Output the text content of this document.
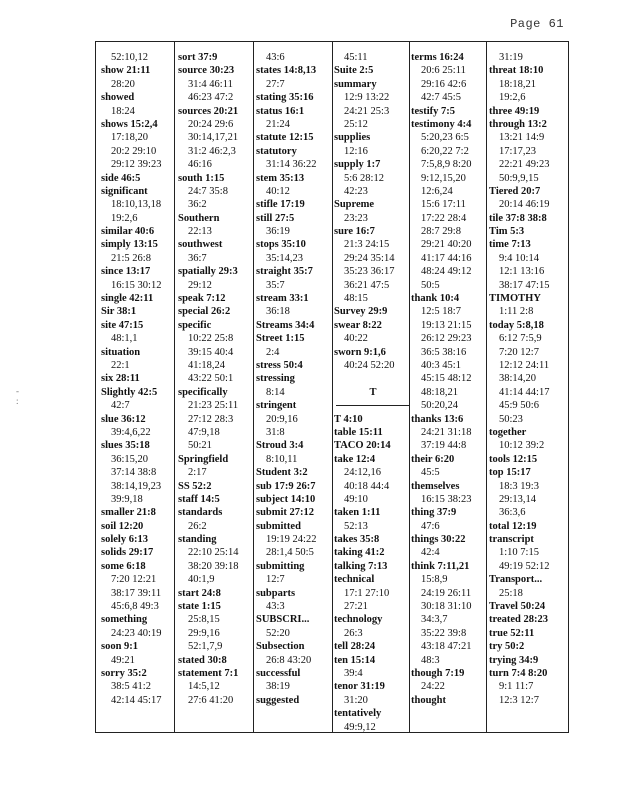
Page 61
-
:
52:10,12
show 21:11
28:20
showed
18:24
shows 15:2,4
17:18,20
20:2 29:10
29:12 39:23
side 46:5
significant
18:10,13,18
19:2,6
similar 40:6
simply 13:15
21:5 26:8
since 13:17
16:15 30:12
single 42:11
Sir 38:1
site 47:15
48:1,1
situation
22:1
six 28:11
Slightly 42:5
42:7
slue 36:12
39:4,6,22
slues 35:18
36:15,20
37:14 38:8
38:14,19,23
39:9,18
smaller 21:8
soil 12:20
solely 6:13
solids 29:17
some 6:18
7:20 12:21
38:17 39:11
45:6,8 49:3
something
24:23 40:19
soon 9:1
49:21
sorry 35:2
38:5 41:2
42:14 45:17
sort 37:9
source 30:23
31:4 46:11
46:23 47:2
sources 20:21
20:24 29:6
30:14,17,21
31:2 46:2,3
46:16
south 1:15
24:7 35:8
36:2
Southern
22:13
southwest
36:7
spatially 29:3
29:12
speak 7:12
special 26:2
specific
10:22 25:8
39:15 40:4
41:18,24
43:22 50:1
specifically
21:23 25:11
27:12 28:3
47:9,18
50:21
Springfield
2:17
SS 52:2
staff 14:5
standards
26:2
standing
22:10 25:14
38:20 39:18
40:1,9
start 24:8
state 1:15
25:8,15
29:9,16
52:1,7,9
stated 30:8
statement 7:1
14:5,12
27:6 41:20
43:6
states 14:8,13
27:7
stating 35:16
status 16:1
21:24
statute 12:15
statutory
31:14 36:22
stem 35:13
40:12
stifle 17:19
still 27:5
36:19
stops 35:10
35:14,23
straight 35:7
35:7
stream 33:1
36:18
Streams 34:4
Street 1:15
2:4
stress 50:4
stressing
8:14
stringent
20:9,16
31:8
Stroud 3:4
8:10,11
Student 3:2
sub 17:9 26:7
subject 14:10
submit 27:12
submitted
19:19 24:22
28:1,4 50:5
submitting
12:7
subparts
43:3
SUBSCRI...
52:20
Subsection
26:8 43:20
successful
38:19
suggested
45:11
Suite 2:5
summary
12:9 13:22
24:21 25:3
25:12
supplies
12:16
supply 1:7
5:6 28:12
42:23
Supreme
23:23
sure 16:7
21:3 24:15
29:24 35:14
35:23 36:17
36:21 47:5
48:15
Survey 29:9
swear 8:22
40:22
sworn 9:1,6
40:24 52:20
T
T 4:10
table 15:11
TACO 20:14
take 12:4
24:12,16
40:18 44:4
49:10
taken 1:11
52:13
takes 35:8
taking 41:2
talking 7:13
technical
17:1 27:10
27:21
technology
26:3
tell 28:24
ten 15:14
39:4
tenor 31:19
31:20
tentatively
49:9,12
terms 16:24
20:6 25:11
29:16 42:6
42:7 45:5
testify 7:5
testimony 4:4
5:20,23 6:5
6:20,22 7:2
7:5,8,9 8:20
9:12,15,20
12:6,24
15:6 17:11
17:22 28:4
28:7 29:8
29:21 40:20
41:17 44:16
48:24 49:12
50:5
thank 10:4
12:5 18:7
19:13 21:15
26:12 29:23
36:5 38:16
40:3 45:1
45:15 48:12
48:18,21
50:20,24
thanks 13:6
24:21 31:18
37:19 44:8
their 6:20
45:5
themselves
16:15 38:23
thing 37:9
47:6
things 30:22
42:4
think 7:11,21
15:8,9
24:19 26:11
30:18 31:10
34:3,7
35:22 39:8
43:18 47:21
48:3
though 7:19
24:22
thought
31:19
threat 18:10
18:18,21
19:2,6
three 49:19
through 13:2
13:21 14:9
17:17,23
22:21 49:23
50:9,9,15
Tiered 20:7
20:14 46:19
tile 37:8 38:8
Tim 5:3
time 7:13
9:4 10:14
12:1 13:16
38:17 47:15
TIMOTHY
1:11 2:8
today 5:8,18
6:12 7:5,9
7:20 12:7
12:12 24:11
38:14,20
41:14 44:17
45:9 50:6
50:23
together
10:12 39:2
tools 12:15
top 15:17
18:3 19:3
29:13,14
36:3,6
total 12:19
transcript
1:10 7:15
49:19 52:12
Transport...
25:18
Travel 50:24
treated 28:23
true 52:11
try 50:2
trying 34:9
turn 7:4 8:20
9:1 11:7
12:3 12:7
